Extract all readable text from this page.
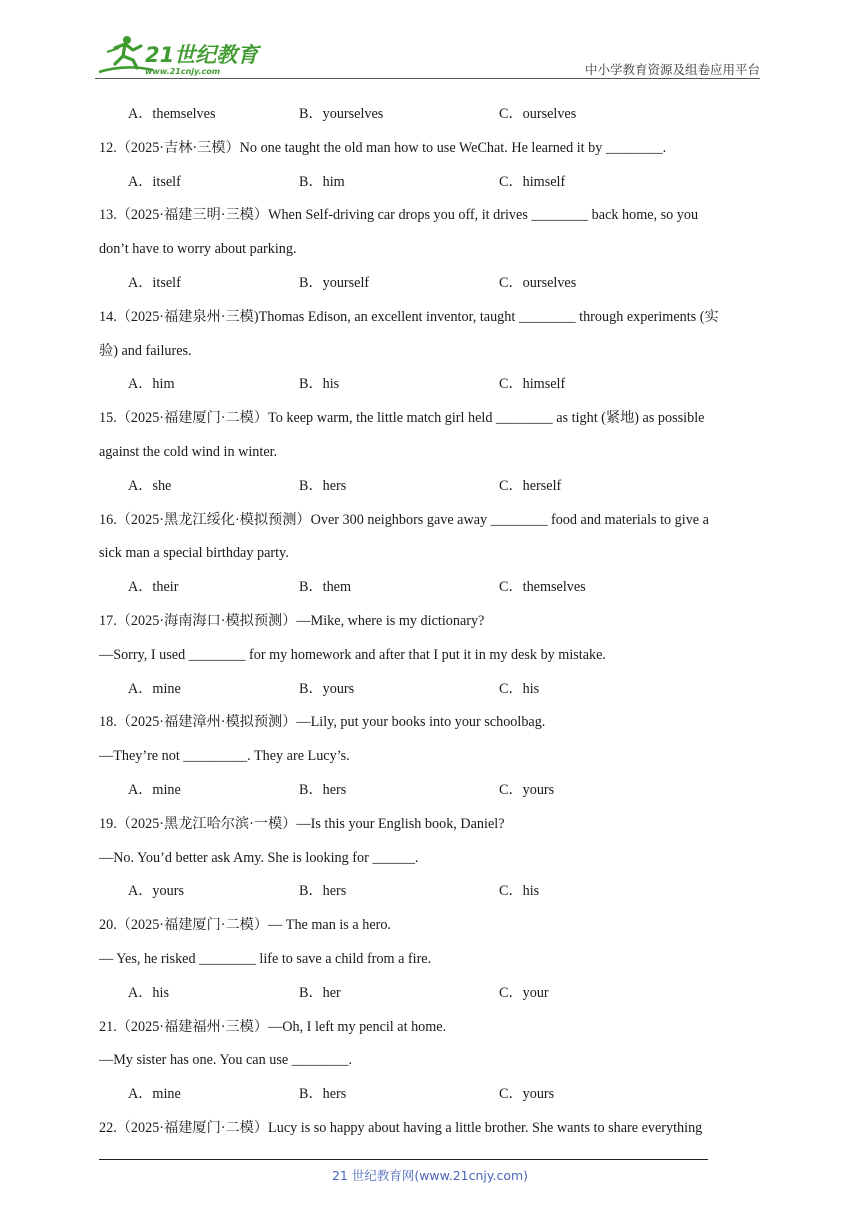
21世纪教育
www.21cnjy.com	中小学教育资源及组卷应用平台
A．themselves	B．yourselves	C．ourselves
12.（2025·吉林·三模）No one taught the old man how to use WeChat. He learned it by ________.
A．itself	B．him	C．himself
13.（2025·福建三明·三模）When Self-driving car drops you off, it drives ________ back home, so you
don’t have to worry about parking.
A．itself	B．yourself	C．ourselves
14.（2025·福建泉州·三模)Thomas Edison, an excellent inventor, taught ________ through experiments (实
验) and failures.
A．him	B．his	C．himself
15.（2025·福建厦门·二模）To keep warm, the little match girl held ________ as tight (紧地) as possible
against the cold wind in winter.
A．she	B．hers	C．herself
16.（2025·黑龙江绥化·模拟预测）Over 300 neighbors gave away ________ food and materials to give a
sick man a special birthday party.
A．their	B．them	C．themselves
17.（2025·海南海口·模拟预测）—Mike, where is my dictionary?
—Sorry, I used ________ for my homework and after that I put it in my desk by mistake.
A．mine	B．yours	C．his
18.（2025·福建漳州·模拟预测）—Lily, put your books into your schoolbag.
—They’re not _________. They are Lucy’s.
A．mine	B．hers	C．yours
19.（2025·黑龙江哈尔滨·一模）—Is this your English book, Daniel?
—No. You’d better ask Amy. She is looking for ______.
A．yours	B．hers	C．his
20.（2025·福建厦门·二模）— The man is a hero.
— Yes, he risked ________ life to save a child from a fire.
A．his	B．her	C．your
21.（2025·福建福州·三模）—Oh, I left my pencil at home.
—My sister has one. You can use ________.
A．mine	B．hers	C．yours
22.（2025·福建厦门·二模）Lucy is so happy about having a little brother. She wants to share everything
21 世纪教育网(www.21cnjy.com)
